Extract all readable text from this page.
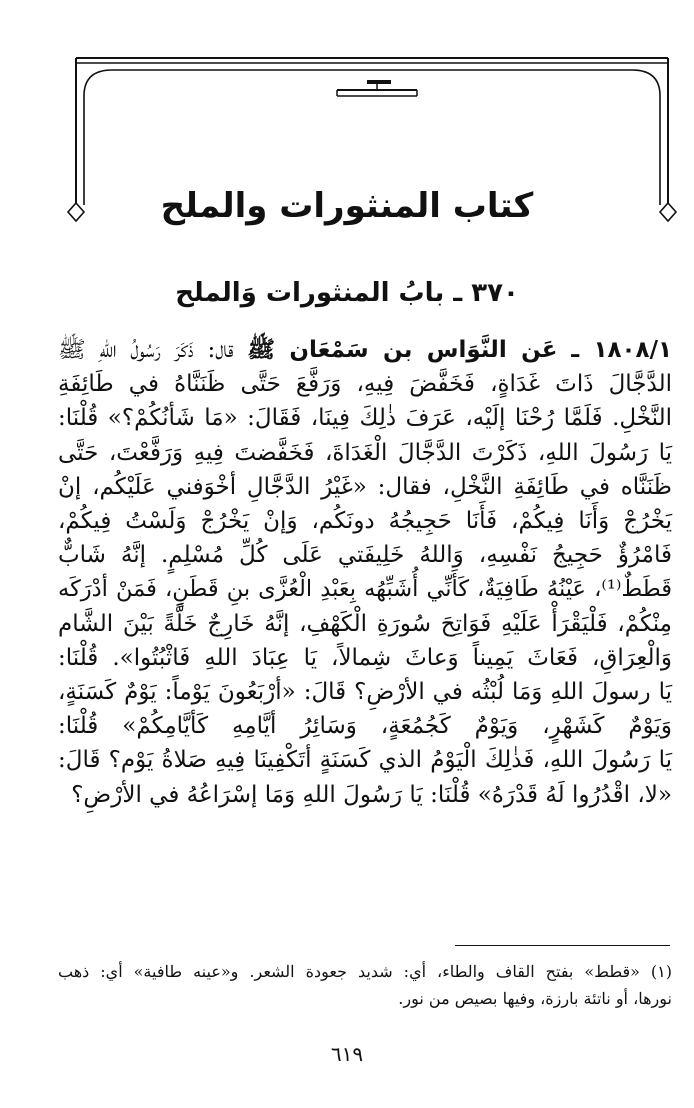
كتاب المنثورات والملح
٣٧٠ ـ بابُ المنثورات وَالملح
١٨٠٨/١ ـ عَن النَّوَاس بن سَمْعَان ﷺ قال: ذَكَرَ رَسُولُ اللهِ ﷺ
الدَّجَّالَ ذَاتَ غَدَاةٍ، فَخَفَّضَ فِيهِ، وَرَفَّعَ حَتَّى ظَنَنَّاهُ في طَائِفَةِ
النَّخْلِ. فَلَمَّا رُحْنَا إلَيْه، عَرَفَ ذٰلِكَ فِينَا، فَقَالَ: «مَا شَأنُكُمْ؟» قُلْنَا:
يَا رَسُولَ اللهِ، ذَكَرْتَ الدَّجَّالَ الْغَدَاةَ، فَخَفَّضتَ فِيهِ وَرَفَّعْتَ، حَتَّى
ظَنَنَّاه في طَائِفَةِ النَّخْلِ، فقال: «غَيْرُ الدَّجَّالِ أخْوَفني عَلَيْكُم، إنْ
يَخْرُجْ وَأَنَا فِيكُمْ، فَأَنَا حَجِيجُهُ دونَكُم، وَإنْ يَخْرُجْ وَلَسْتُ فِيكُمْ،
فَامْرُؤٌ حَجِيجُ نَفْسِهِ، وَاللهُ خَلِيفَتي عَلَى كُلِّ مُسْلِمٍ. إنَّهُ شَابٌّ
قَطَطٌ⁽¹⁾، عَيْنُهُ طَافِيَةٌ، كَأَنِّي أُشَبِّهُه بِعَبْدِ الْعُزَّى بنِ قَطَنٍ، فَمَنْ أدْرَكَه
مِنْكُمْ، فَلْيَقْرَأْ عَلَيْهِ فَوَاتِحَ سُورَةِ الْكَهْفِ، إنَّهُ خَارِجٌ خَلَّةً بَيْنَ الشَّام
وَالْعِرَاقِ، فَعَاثَ يَمِيناً وَعاثَ شِمالاً، يَا عِبَادَ اللهِ فَاثْبُتُوا». قُلْنَا:
يَا رسولَ اللهِ وَمَا لُبْثُه في الأرْضِ؟ قَالَ: «أرْبَعُونَ يَوْماً: يَوْمٌ كَسَنَةٍ،
وَيَوْمٌ كَشَهْرٍ، وَيَوْمٌ كَجُمُعَةٍ، وَسَائِرُ أيَّامِهِ كَأيَّامِكُمْ» قُلْنَا:
يَا رَسُولَ اللهِ، فَذٰلِكَ الْيَوْمُ الذي كَسَنَةٍ أتَكْفِينَا فِيهِ صَلاةُ يَوْم؟ قَالَ:
«لا، اقْدُرُوا لَهُ قَدْرَهُ» قُلْنَا: يَا رَسُولَ اللهِ وَمَا إسْرَاعُهُ في الأرْضِ؟
(١) «قطط» بفتح القاف والطاء، أي: شديد جعودة الشعر. و«عينه طافية» أي: ذهب
نورها، أو ناتئة بارزة، وفيها بصيص من نور.
٦١٩
